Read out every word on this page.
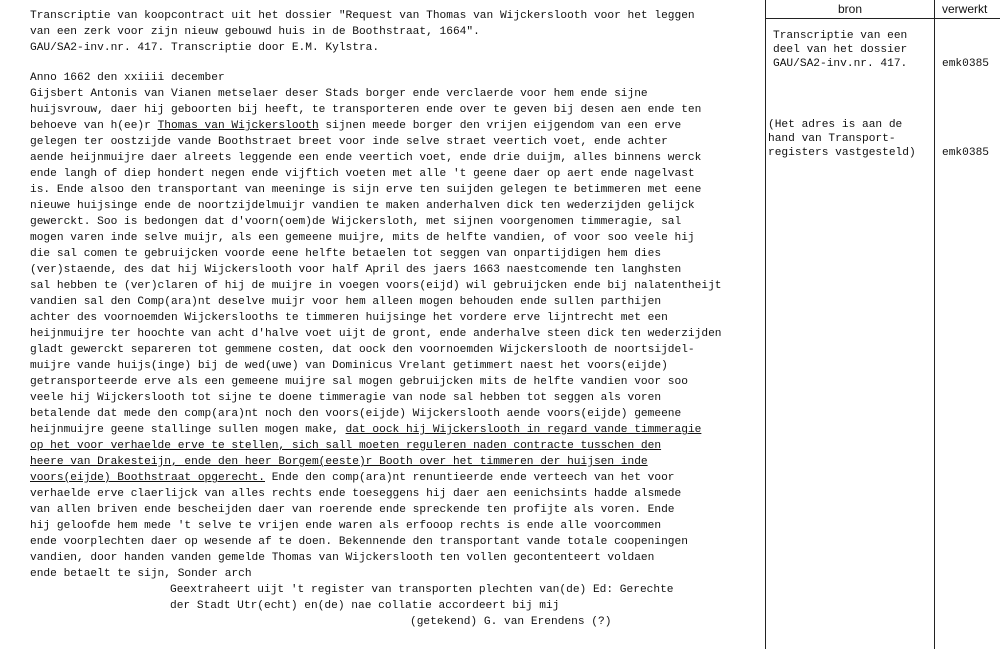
Transcriptie van koopcontract uit het dossier "Request van Thomas van Wijckerslooth voor het leggen
van een zerk voor zijn nieuw gebouwd huis in de Boothstraat, 1664".
GAU/SA2-inv.nr. 417. Transcriptie door E.M. Kylstra.
Anno 1662 den xxiiii december
Gijsbert Antonis van Vianen metselaer deser Stads borger ende verclaerde voor hem ende sijne
huijsvrouw, daer hij geboorten bij heeft, te transporteren ende over te geven bij desen aen ende ten
behoeve van h(ee)r Thomas van Wijckerslooth sijnen meede borger den vrijen eijgendom van een erve
gelegen ter oostzijde vande Boothstraet breet voor inde selve straet veertich voet, ende achter
aende heijnmuijre daer alreets leggende een ende veertich voet, ende drie duijm, alles binnens werck
ende langh of diep hondert negen ende vijftich voeten met alle 't geene daer op aert ende nagelvast
is. Ende alsoo den transportant van meeninge is sijn erve ten suijden gelegen te betimmeren met eene
nieuwe huijsinge ende de noortzijdelmuijr vandien te maken anderhalven dick ten wederzijden gelijck
gewerckt. Soo is bedongen dat d'voorn(oem)de Wijckersloth, met sijnen voorgenomen timmeragie, sal
mogen varen inde selve muijr, als een gemeene muijre, mits de helfte vandien, of voor soo veele hij
die sal comen te gebruijcken voorde eene helfte betaelen tot seggen van onpartijdigen hem dies
(ver)staende, des dat hij Wijckerslooth voor half April des jaers 1663 naestcomende ten langhsten
sal hebben te (ver)claren of hij de muijre in voegen voors(eijd) wil gebruijcken ende bij nalatentheijt
vandien sal den Comp(ara)nt deselve muijr voor hem alleen mogen behouden ende sullen parthijen
achter des voornoemden Wijckerslooths te timmeren huijsinge het vordere erve lijntrecht met een
heijnmuijre ter hoochte van acht d'halve voet uijt de gront, ende anderhalve steen dick ten wederzijden
gladt gewerckt separeren tot gemmene costen, dat oock den voornoemden Wijckerslooth de noortsijdel-
muijre vande huijs(inge) bij de wed(uwe) van Dominicus Vrelant getimmert naest het voors(eijde)
getransporteerde erve als een gemeene muijre sal mogen gebruijcken mits de helfte vandien voor soo
veele hij Wijckerslooth tot sijne te doene timmeragie van node sal hebben tot seggen als voren
betalende dat mede den comp(ara)nt noch den voors(eijde) Wijckerslooth aende voors(eijde) gemeene
heijnmuijre geene stallinge sullen mogen make, dat oock hij Wijckerslooth in regard vande timmeragie
op het voor verhaelde erve te stellen, sich sall moeten reguleren naden contracte tusschen den
heere van Drakesteijn, ende den heer Borgem(eeste)r Booth over het timmeren der huijsen inde
voors(eijde) Boothstraat opgerecht. Ende den comp(ara)nt renuntieerde ende verteech van het voor
verhaelde erve claerlijck van alles rechts ende toeseggens hij daer aen eenichsints hadde alsmede
van allen briven ende bescheijden daer van roerende ende spreckende ten profijte als voren. Ende
hij geloofde hem mede 't selve te vrijen ende waren als erfooop rechts is ende alle voorcommen
ende voorplechten daer op wesende af te doen. Bekennende den transportant vande totale coopeningen
vandien, door handen vanden gemelde Thomas van Wijckerslooth ten vollen gecontenteert voldaen
ende betaelt te sijn, Sonder arch
Geextraheert uijt 't register van transporten plechten van(de) Ed: Gerechte
der Stadt Utr(echt) en(de) nae collatie accordeert bij mij
(getekend) G. van Erendens (?)
bron	verwerkt
Transcriptie van een
deel van het dossier
GAU/SA2-inv.nr. 417.	emk0385
(Het adres is aan de
hand van Transport-
registers vastgesteld) emk0385
